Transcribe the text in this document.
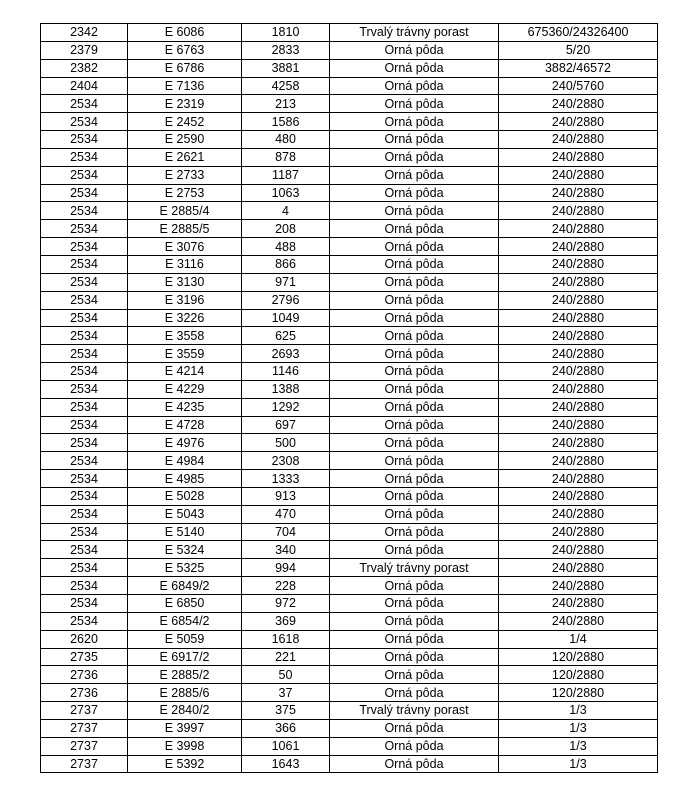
2342	E 6086	1810	Trvalý trávny porast	675360/24326400
2379	E 6763	2833	Orná pôda	5/20
2382	E 6786	3881	Orná pôda	3882/46572
2404	E 7136	4258	Orná pôda	240/5760
2534	E 2319	213	Orná pôda	240/2880
2534	E 2452	1586	Orná pôda	240/2880
2534	E 2590	480	Orná pôda	240/2880
2534	E 2621	878	Orná pôda	240/2880
2534	E 2733	1187	Orná pôda	240/2880
2534	E 2753	1063	Orná pôda	240/2880
2534	E 2885/4	4	Orná pôda	240/2880
2534	E 2885/5	208	Orná pôda	240/2880
2534	E 3076	488	Orná pôda	240/2880
2534	E 3116	866	Orná pôda	240/2880
2534	E 3130	971	Orná pôda	240/2880
2534	E 3196	2796	Orná pôda	240/2880
2534	E 3226	1049	Orná pôda	240/2880
2534	E 3558	625	Orná pôda	240/2880
2534	E 3559	2693	Orná pôda	240/2880
2534	E 4214	1146	Orná pôda	240/2880
2534	E 4229	1388	Orná pôda	240/2880
2534	E 4235	1292	Orná pôda	240/2880
2534	E 4728	697	Orná pôda	240/2880
2534	E 4976	500	Orná pôda	240/2880
2534	E 4984	2308	Orná pôda	240/2880
2534	E 4985	1333	Orná pôda	240/2880
2534	E 5028	913	Orná pôda	240/2880
2534	E 5043	470	Orná pôda	240/2880
2534	E 5140	704	Orná pôda	240/2880
2534	E 5324	340	Orná pôda	240/2880
2534	E 5325	994	Trvalý trávny porast	240/2880
2534	E 6849/2	228	Orná pôda	240/2880
2534	E 6850	972	Orná pôda	240/2880
2534	E 6854/2	369	Orná pôda	240/2880
2620	E 5059	1618	Orná pôda	1/4
2735	E 6917/2	221	Orná pôda	120/2880
2736	E 2885/2	50	Orná pôda	120/2880
2736	E 2885/6	37	Orná pôda	120/2880
2737	E 2840/2	375	Trvalý trávny porast	1/3
2737	E 3997	366	Orná pôda	1/3
2737	E 3998	1061	Orná pôda	1/3
2737	E 5392	1643	Orná pôda	1/3
